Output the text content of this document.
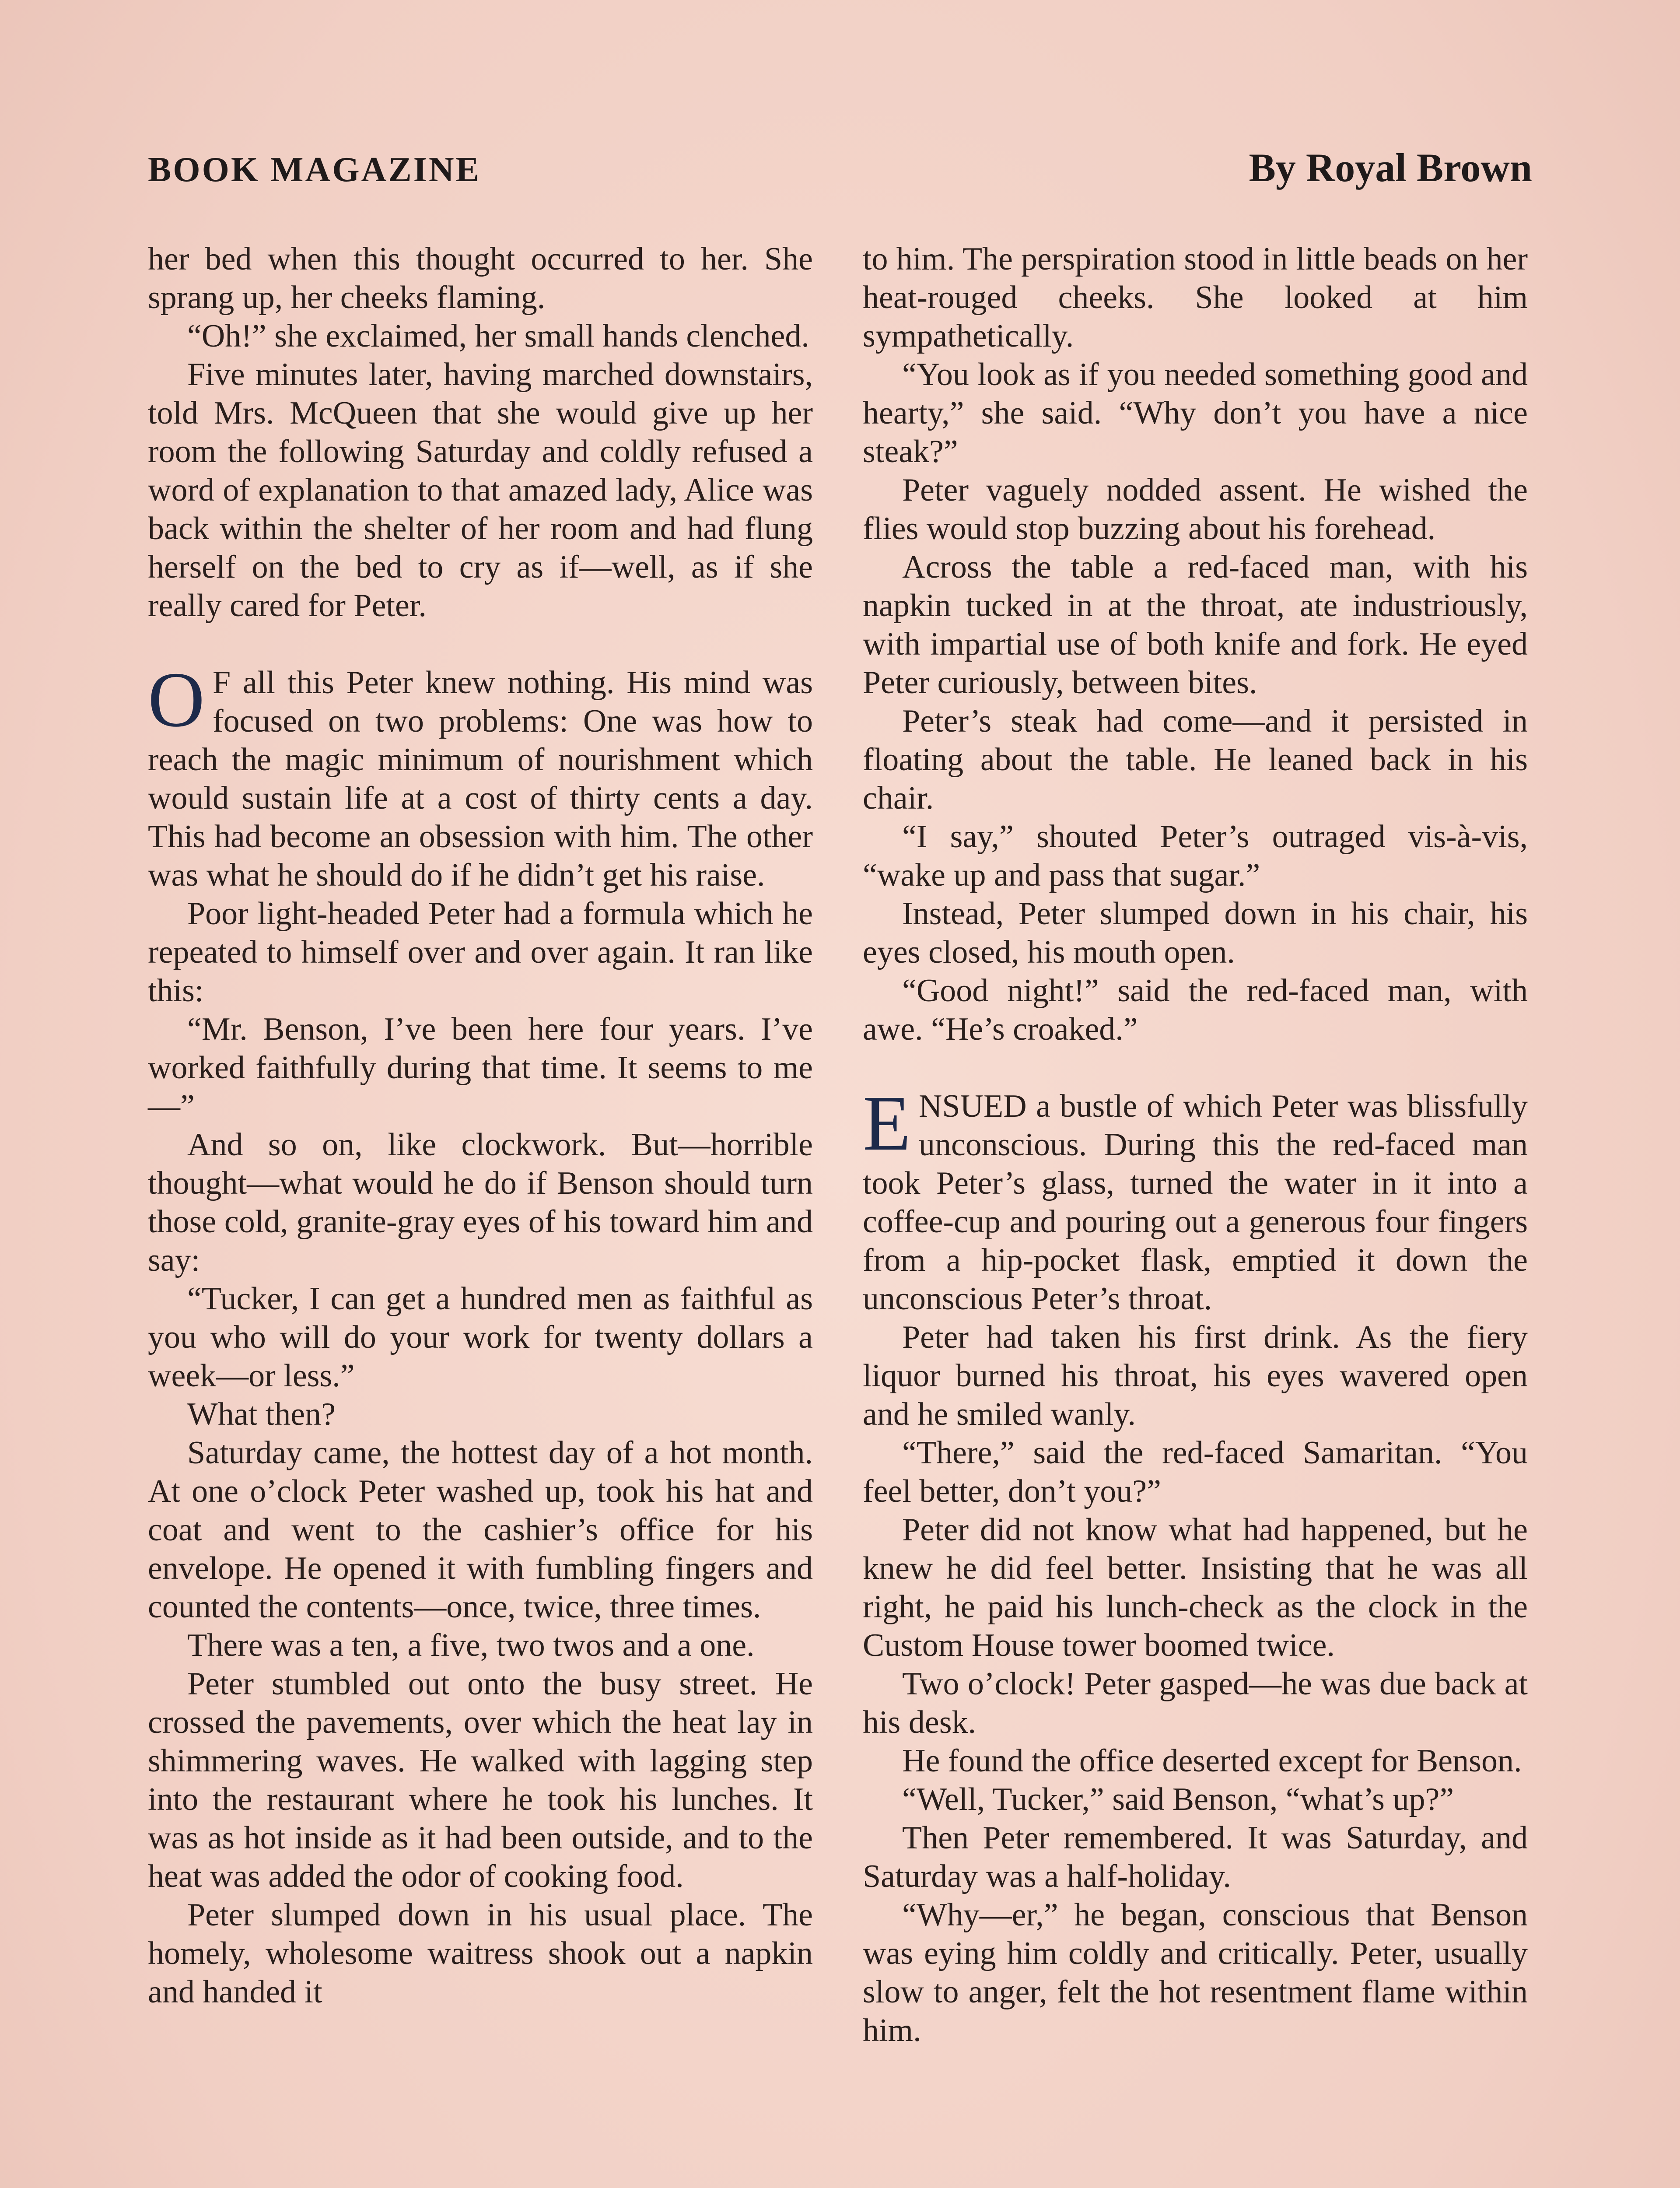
BOOK MAGAZINE	By Royal Brown

her bed when this thought occurred to her. She sprang up, her cheeks flaming.

“Oh!” she exclaimed, her small hands clenched.

Five minutes later, having marched downstairs, told Mrs. McQueen that she would give up her room the following Saturday and coldly refused a word of explanation to that amazed lady, Alice was back within the shelter of her room and had flung herself on the bed to cry as if—well, as if she really cared for Peter.

O F all this Peter knew nothing. His mind was focused on two problems: One was how to reach the magic minimum of nourishment which would sustain life at a cost of thirty cents a day. This had become an obsession with him. The other was what he should do if he didn’t get his raise.

Poor light-headed Peter had a formula which he repeated to himself over and over again. It ran like this:

“Mr. Benson, I’ve been here four years. I’ve worked faithfully during that time. It seems to me—”

And so on, like clockwork. But—horrible thought—what would he do if Benson should turn those cold, granite-gray eyes of his toward him and say:

“Tucker, I can get a hundred men as faithful as you who will do your work for twenty dollars a week—or less.”

What then?

Saturday came, the hottest day of a hot month. At one o’clock Peter washed up, took his hat and coat and went to the cashier’s office for his envelope. He opened it with fumbling fingers and counted the contents—once, twice, three times.

There was a ten, a five, two twos and a one.

Peter stumbled out onto the busy street. He crossed the pavements, over which the heat lay in shimmering waves. He walked with lagging step into the restaurant where he took his lunches. It was as hot inside as it had been outside, and to the heat was added the odor of cooking food.

Peter slumped down in his usual place. The homely, wholesome waitress shook out a napkin and handed it

to him. The perspiration stood in little beads on her heat-rouged cheeks. She looked at him sympathetically.

“You look as if you needed something good and hearty,” she said. “Why don’t you have a nice steak?”

Peter vaguely nodded assent. He wished the flies would stop buzzing about his forehead.

Across the table a red-faced man, with his napkin tucked in at the throat, ate industriously, with impartial use of both knife and fork. He eyed Peter curiously, between bites.

Peter’s steak had come—and it persisted in floating about the table. He leaned back in his chair.

“I say,” shouted Peter’s outraged vis-à-vis, “wake up and pass that sugar.”

Instead, Peter slumped down in his chair, his eyes closed, his mouth open.

“Good night!” said the red-faced man, with awe. “He’s croaked.”

ENSUED a bustle of which Peter was blissfully unconscious. During this the red-faced man took Peter’s glass, turned the water in it into a coffee-cup and pouring out a generous four fingers from a hip-pocket flask, emptied it down the unconscious Peter’s throat.

Peter had taken his first drink. As the fiery liquor burned his throat, his eyes wavered open and he smiled wanly.

“There,” said the red-faced Samaritan. “You feel better, don’t you?”

Peter did not know what had happened, but he knew he did feel better. Insisting that he was all right, he paid his lunch-check as the clock in the Custom House tower boomed twice.

Two o’clock! Peter gasped—he was due back at his desk.

He found the office deserted except for Benson.

“Well, Tucker,” said Benson, “what’s up?”

Then Peter remembered. It was Saturday, and Saturday was a half-holiday.

“Why—er,” he began, conscious that Benson was eying him coldly and critically. Peter, usually slow to anger, felt the hot resentment flame within him.
